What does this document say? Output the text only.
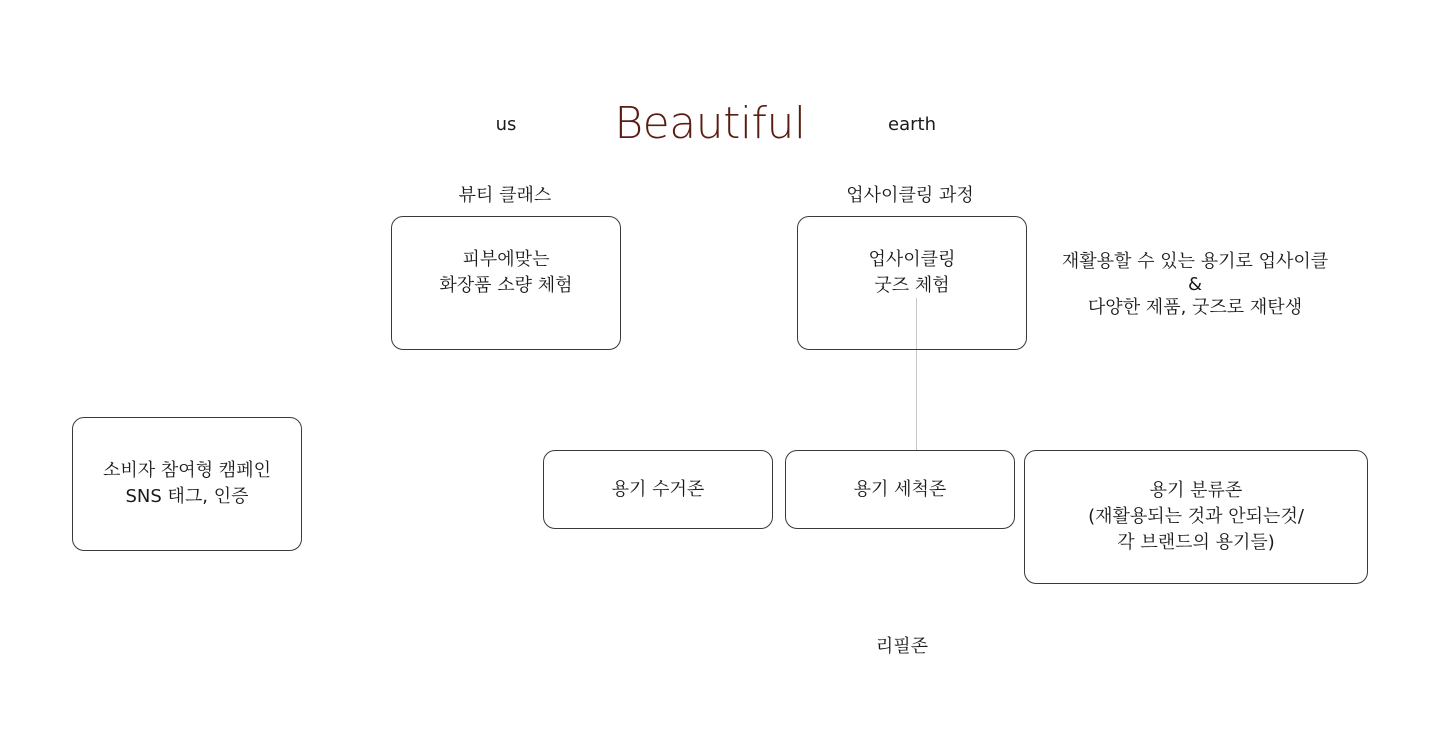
us	Beautiful	earth
뷰티 클래스	업사이클링 과정
피부에맞는
화장품 소량 체험
업사이클링
굿즈 체험
재활용할 수 있는 용기로 업사이클
&
다양한 제품, 굿즈로 재탄생
소비자 참여형 캠페인
SNS 태그, 인증	용기 수거존	용기 세척존	용기 분류존
(재활용되는 것과 안되는것/
각 브랜드의 용기들)
리필존
